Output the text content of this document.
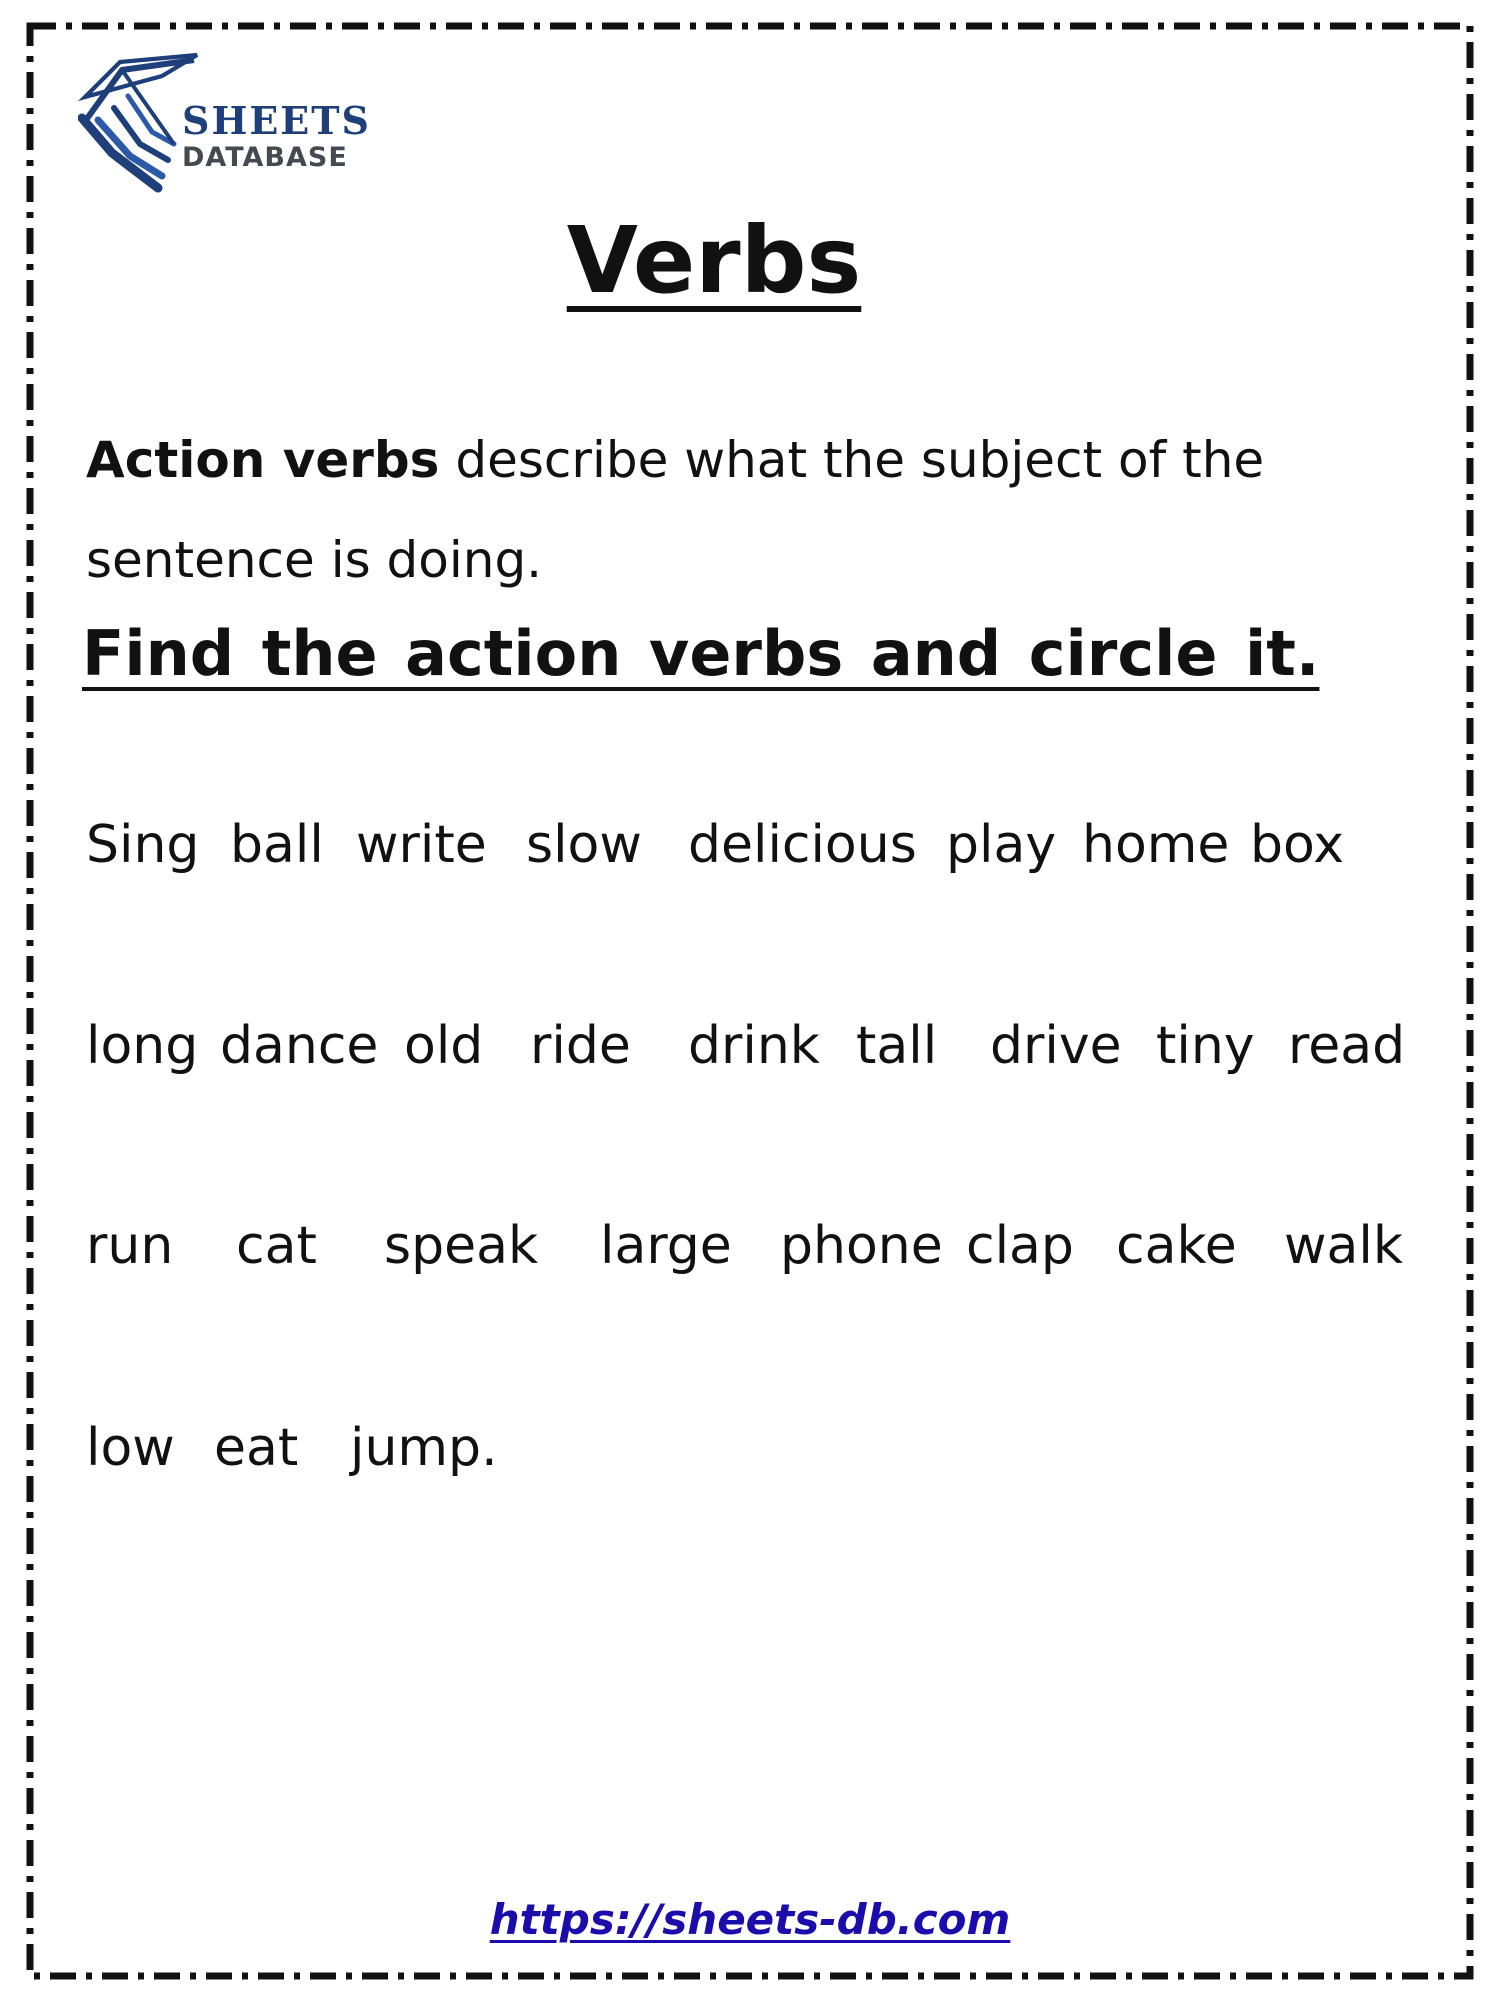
SHEETS
DATABASE
Verbs

Action verbs describe what the subject of the sentence is doing.

Find the action verbs and circle it.

Sing ball write slow delicious play home box
long dance old ride drink tall drive tiny read
run cat speak large phone clap cake walk
low eat jump.
https://sheets-db.com
